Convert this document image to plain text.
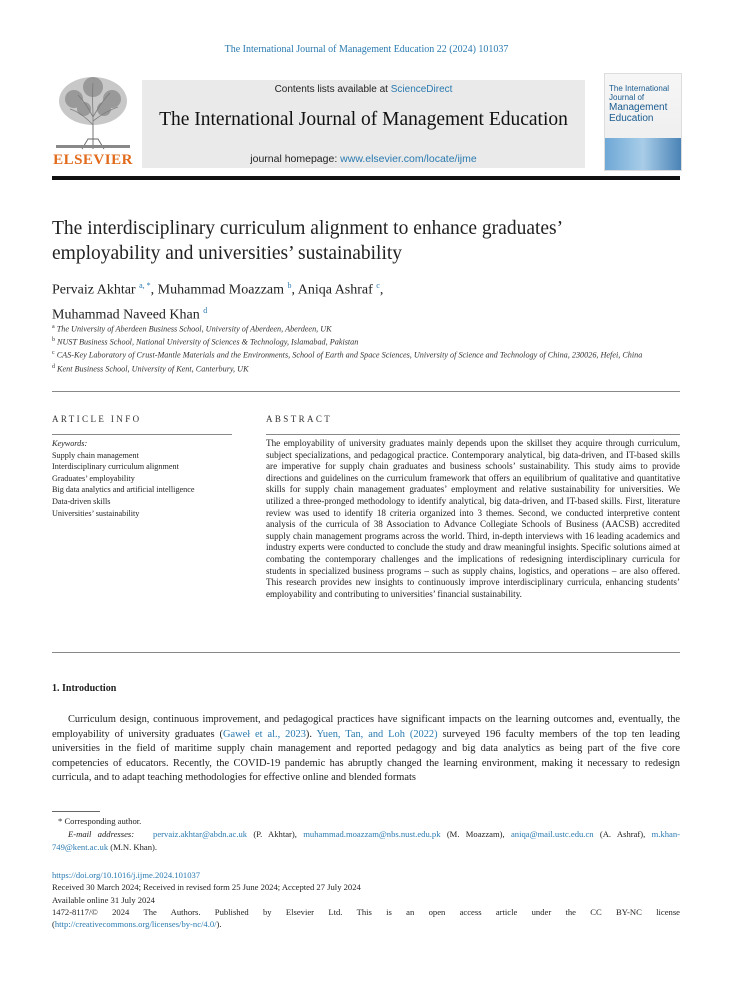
The International Journal of Management Education 22 (2024) 101037
ELSEVIER
Contents lists available at ScienceDirect
The International Journal of Management Education
journal homepage: www.elsevier.com/locate/ijme
The International
Journal of
Management
Education
The interdisciplinary curriculum alignment to enhance graduates’ employability and universities’ sustainability
Pervaiz Akhtar $^{a, *}$, Muhammad Moazzam $^b$, Aniqa Ashraf $^c$,
Muhammad Naveed Khan $^d$
$^a$ The University of Aberdeen Business School, University of Aberdeen, Aberdeen, UK
$^b$ NUST Business School, National University of Sciences & Technology, Islamabad, Pakistan
$^c$ CAS-Key Laboratory of Crust-Mantle Materials and the Environments, School of Earth and Space Sciences, University of Science and Technology of China, 230026, Hefei, China
$^d$ Kent Business School, University of Kent, Canterbury, UK
ARTICLE INFO	ABSTRACT
Keywords:
Supply chain management
Interdisciplinary curriculum alignment
Graduates’ employability
Big data analytics and artificial intelligence
Data-driven skills
Universities’ sustainability
The employability of university graduates mainly depends upon the skillset they acquire through curriculum, subject specializations, and pedagogical practice. Contemporary analytical, big data-driven, and IT-based skills are imperative for supply chain graduates and business schools’ sustainability. This study aims to provide directions and guidelines on the curriculum framework that offers an equilibrium of qualitative and quantitative skills for supply chain management graduates’ employment and relative sustainability for universities. We utilized a three-pronged methodology to identify analytical, big data-driven, and IT-based skills. First, literature review was used to identify 18 criteria organized into 3 themes. Second, we conducted interpretive content analysis of the curricula of 38 Association to Advance Collegiate Schools of Business (AACSB) accredited supply chain management programs across the world. Third, in-depth interviews with 16 leading academics and industry experts were conducted to conclude the study and draw meaningful insights. Specific solutions aimed at combating the contemporary challenges and the implications of redesigning interdisciplinary curricula for students in specialized business programs – such as supply chains, logistics, and operations – are also offered. This research provides new insights to continuously improve interdisciplinary curricula, enhancing students’ employability and contributing to universities’ financial sustainability.
1. Introduction
Curriculum design, continuous improvement, and pedagogical practices have significant impacts on the learning outcomes and, eventually, the employability of university graduates (Gaweł et al., 2023). Yuen, Tan, and Loh (2022) surveyed 196 faculty members of the top ten leading universities in the field of maritime supply chain management and reported pedagogy and big data analytics as being part of the five core competencies of educators. Recently, the COVID-19 pandemic has abruptly changed the learning environment, making it necessary to redesign curricula, and to adapt teaching methodologies for effective online and blended formats
* Corresponding author.
E-mail addresses: pervaiz.akhtar@abdn.ac.uk (P. Akhtar), muhammad.moazzam@nbs.nust.edu.pk (M. Moazzam), aniqa@mail.ustc.edu.cn (A. Ashraf), m.khan-749@kent.ac.uk (M.N. Khan).
https://doi.org/10.1016/j.ijme.2024.101037
Received 30 March 2024; Received in revised form 25 June 2024; Accepted 27 July 2024
Available online 31 July 2024
1472-8117/© 2024 The Authors. Published by Elsevier Ltd. This is an open access article under the CC BY-NC license
(http://creativecommons.org/licenses/by-nc/4.0/).
